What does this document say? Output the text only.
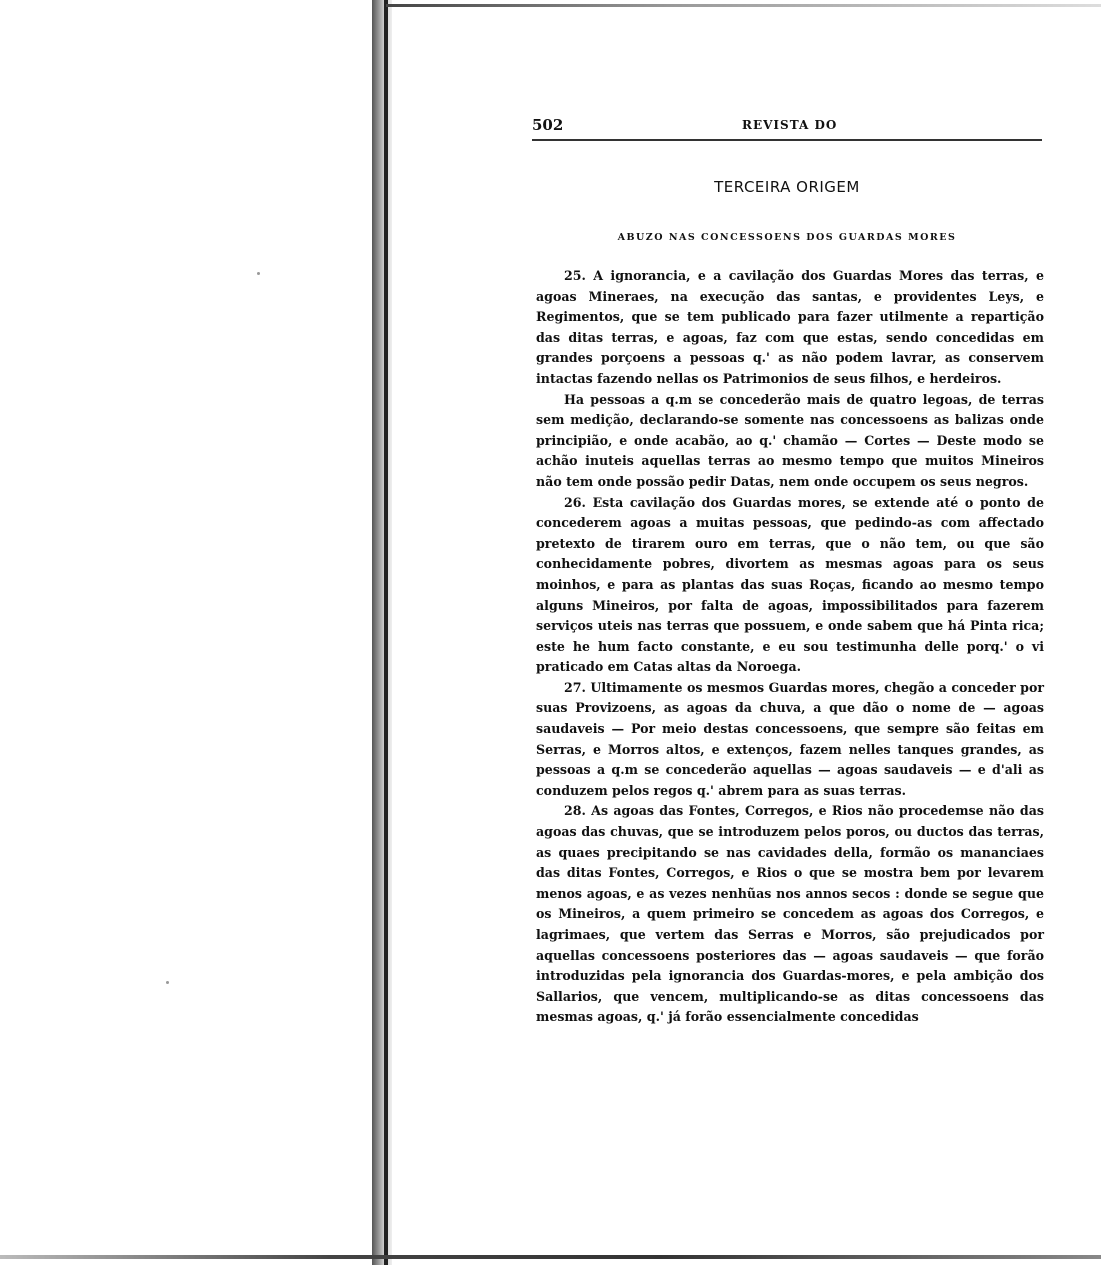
502	REVISTA DO
TERCEIRA ORIGEM
ABUZO NAS CONCESSOENS DOS GUARDAS MORES

25. A ignorancia, e a cavilação dos Guardas Mores das terras, e agoas Mineraes, na execução das santas, e providentes Leys, e Regimentos, que se tem publicado para fazer utilmente a repartição das ditas terras, e agoas, faz com que estas, sendo concedidas em grandes porçoens a pessoas q.' as não podem lavrar, as conservem intactas fazendo nellas os Patrimonios de seus filhos, e herdeiros.

Ha pessoas a q.m se concederão mais de quatro legoas, de terras sem medição, declarando-se somente nas concessoens as balizas onde principião, e onde acabão, ao q.' chamão — Cortes — Deste modo se achão inuteis aquellas terras ao mesmo tempo que muitos Mineiros não tem onde possão pedir Datas, nem onde occupem os seus negros.

26. Esta cavilação dos Guardas mores, se extende até o ponto de concederem agoas a muitas pessoas, que pedindo-as com affectado pretexto de tirarem ouro em terras, que o não tem, ou que são conhecidamente pobres, divortem as mesmas agoas para os seus moinhos, e para as plantas das suas Roças, ficando ao mesmo tempo alguns Mineiros, por falta de agoas, impossibilitados para fazerem serviços uteis nas terras que possuem, e onde sabem que há Pinta rica; este he hum facto constante, e eu sou testimunha delle porq.' o vi praticado em Catas altas da Noroega.

27. Ultimamente os mesmos Guardas mores, chegão a conceder por suas Provizoens, as agoas da chuva, a que dão o nome de — agoas saudaveis — Por meio destas concessoens, que sempre são feitas em Serras, e Morros altos, e extenços, fazem nelles tanques grandes, as pessoas a q.m se concederão aquellas — agoas saudaveis — e d'ali as conduzem pelos regos q.' abrem para as suas terras.

28. As agoas das Fontes, Corregos, e Rios não procedemse não das agoas das chuvas, que se introduzem pelos poros, ou ductos das terras, as quaes precipitando se nas cavidades della, formão os mananciaes das ditas Fontes, Corregos, e Rios o que se mostra bem por levarem menos agoas, e as vezes nenhũas nos annos secos : donde se segue que os Mineiros, a quem primeiro se concedem as agoas dos Corregos, e lagrimaes, que vertem das Serras e Morros, são prejudicados por aquellas concessoens posteriores das — agoas saudaveis — que forão introduzidas pela ignorancia dos Guardas-mores, e pela ambição dos Sallarios, que vencem, multiplicando-se as ditas concessoens das mesmas agoas, q.' já forão essencialmente concedidas
